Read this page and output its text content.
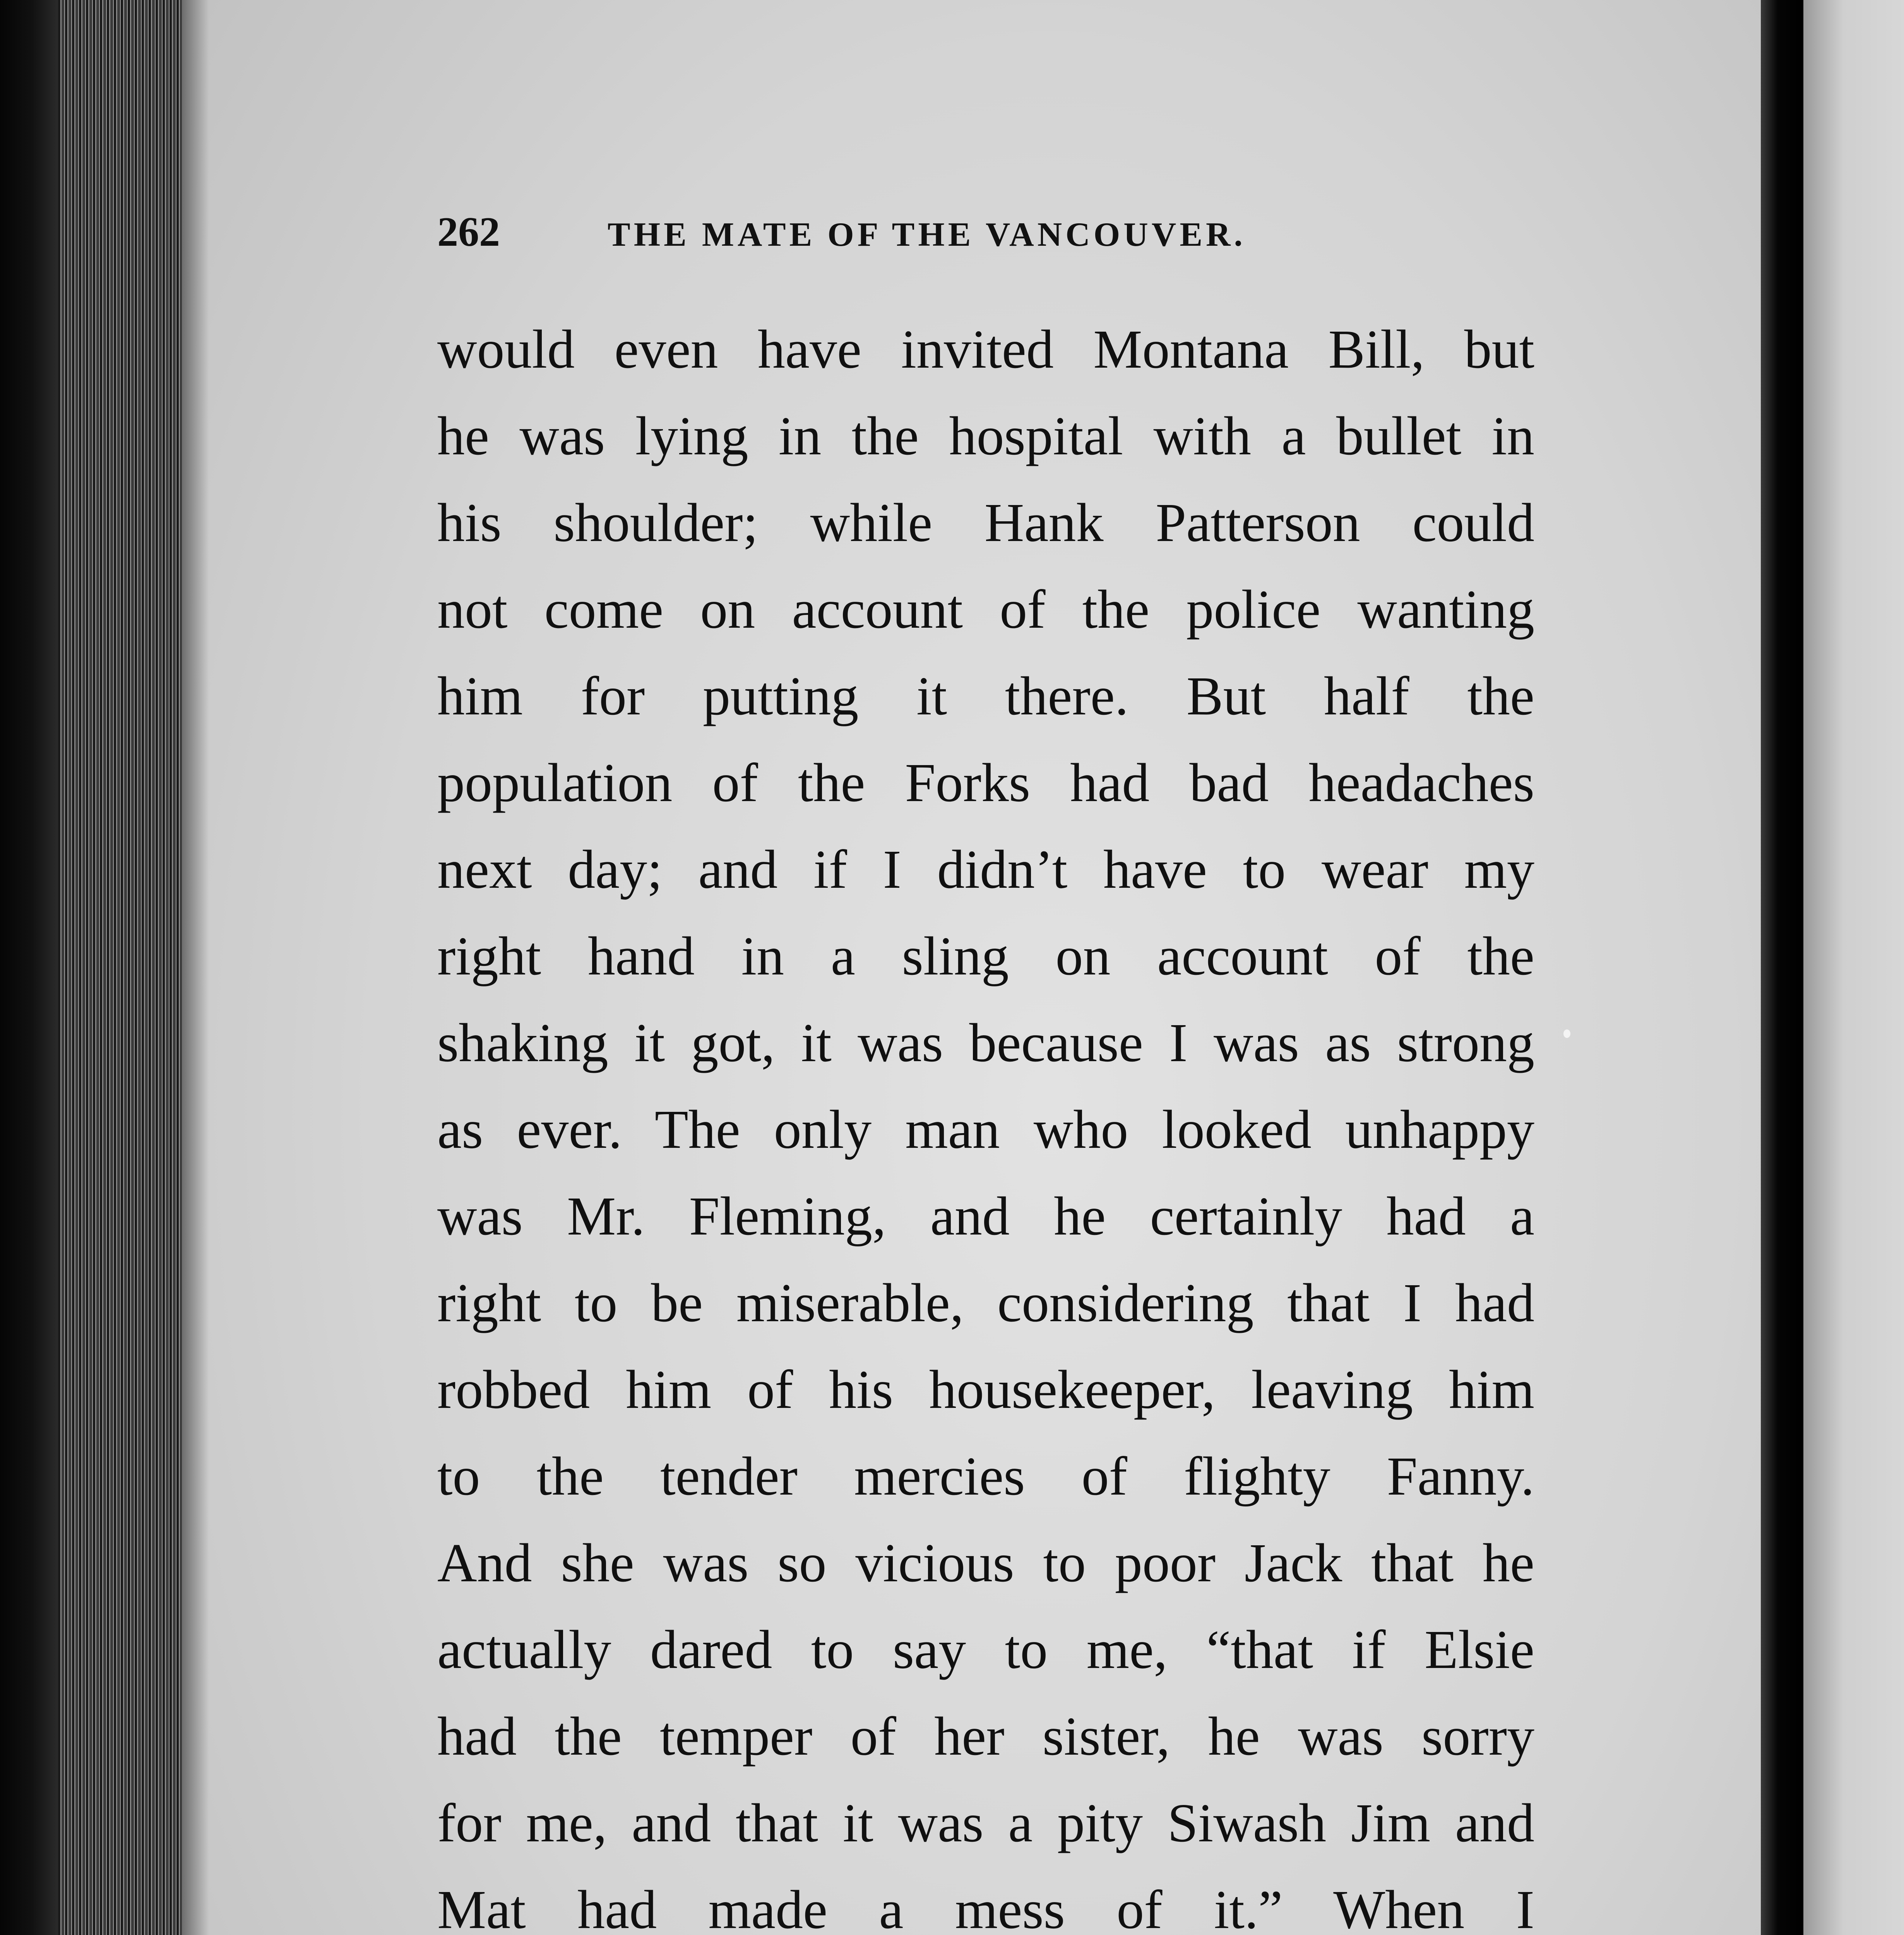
262	THE MATE OF THE VANCOUVER.
would even have invited Montana Bill, but
he was lying in the hospital with a bullet in
his shoulder; while Hank Patterson could
not come on account of the police wanting
him for putting it there. But half the
population of the Forks had bad headaches
next day; and if I didn’t have to wear my
right hand in a sling on account of the
shaking it got, it was because I was as strong
as ever. The only man who looked unhappy
was Mr. Fleming, and he certainly had a
right to be miserable, considering that I had
robbed him of his housekeeper, leaving him
to the tender mercies of flighty Fanny.
And she was so vicious to poor Jack that he
actually dared to say to me, “that if Elsie
had the temper of her sister, he was sorry
for me, and that it was a pity Siwash Jim and
Mat had made a mess of it.” When I
